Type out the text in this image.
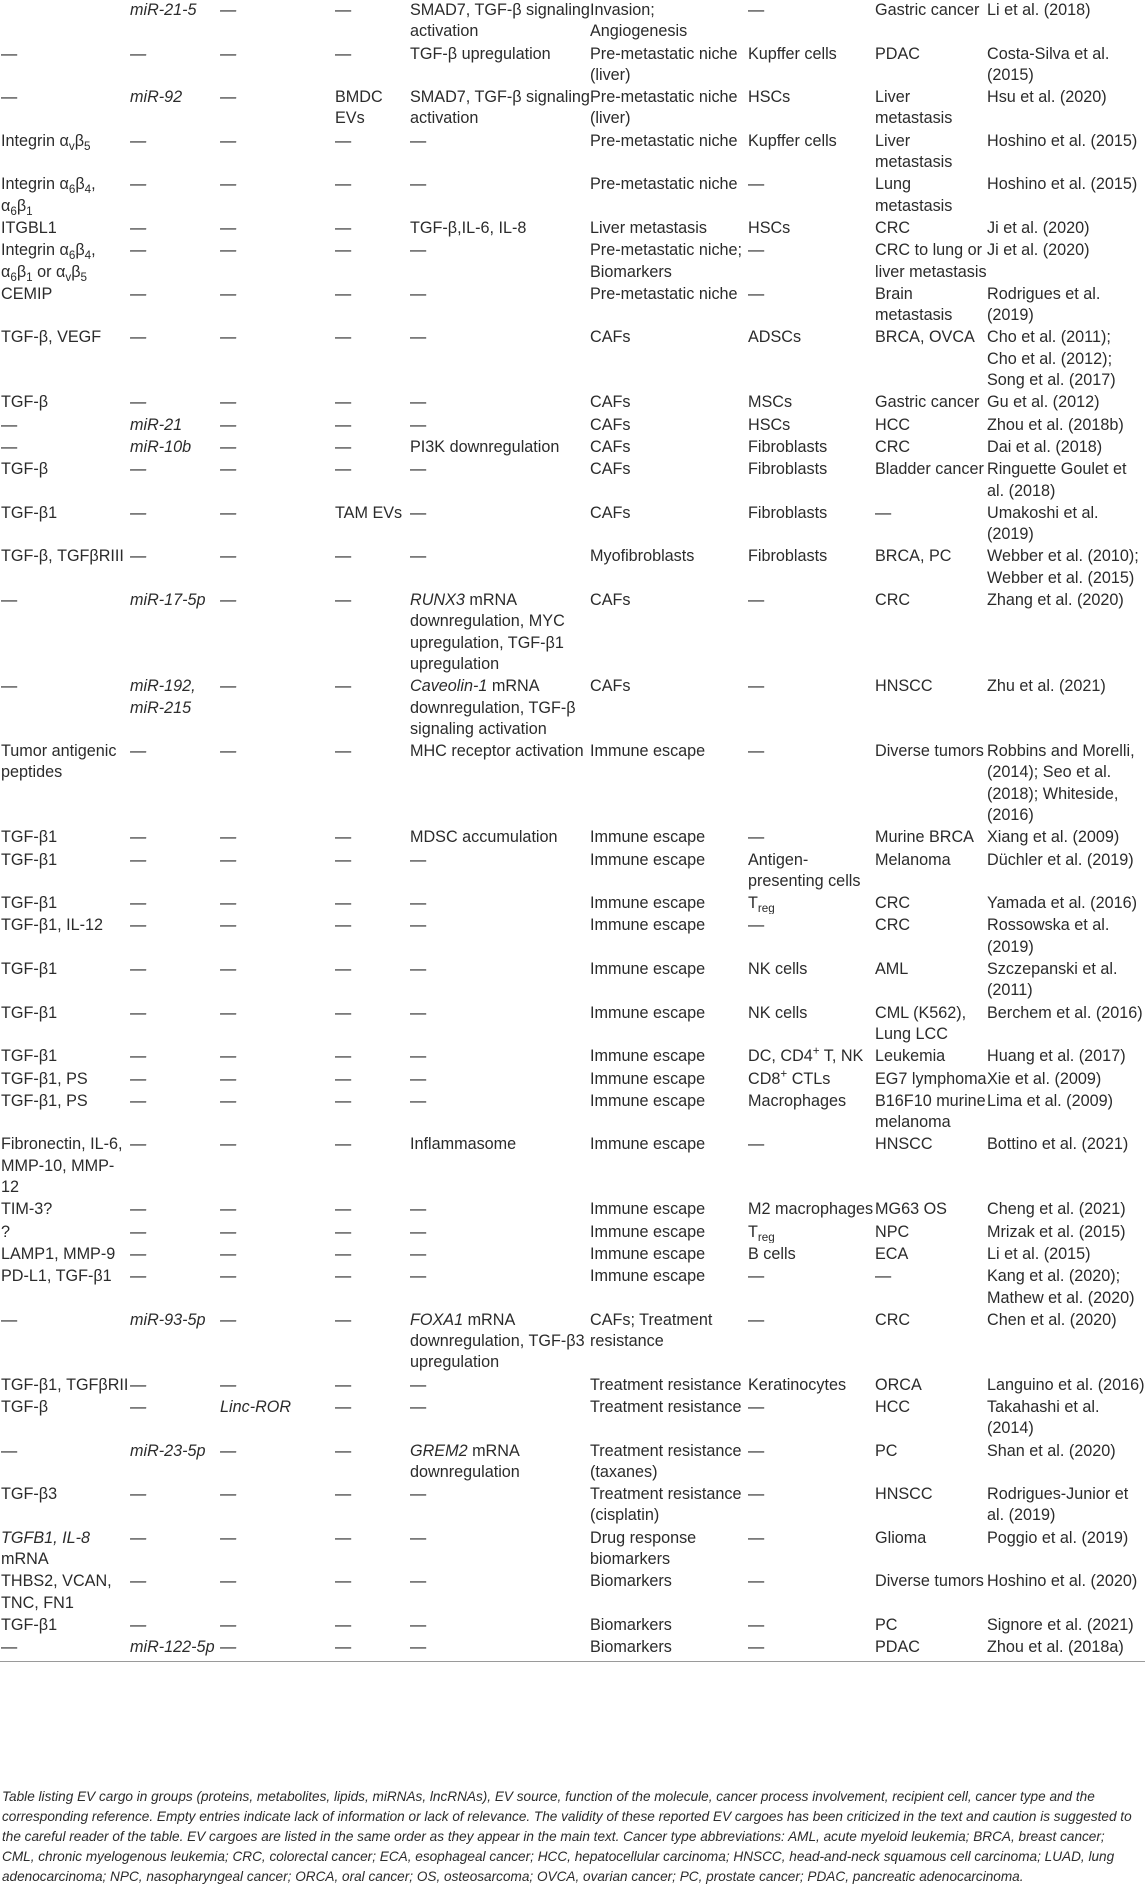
	miR-21-5	—	—	SMAD7, TGF-β signaling activation	Invasion; Angiogenesis	—	Gastric cancer	Li et al. (2018)
—	—	—	—	TGF-β upregulation	Pre-metastatic niche (liver)	Kupffer cells	PDAC	Costa-Silva et al. (2015)
—	miR-92	—	BMDC EVs	SMAD7, TGF-β signaling activation	Pre-metastatic niche (liver)	HSCs	Liver metastasis	Hsu et al. (2020)
Integrin $\alpha_v\beta_5$	—	—	—	—	Pre-metastatic niche	Kupffer cells	Liver metastasis	Hoshino et al. (2015)
Integrin $\alpha_6\beta_4$, $\alpha_6\beta_1$	—	—	—	—	Pre-metastatic niche	—	Lung metastasis	Hoshino et al. (2015)
ITGBL1	—	—	—	TGF-β,IL-6, IL-8	Liver metastasis	HSCs	CRC	Ji et al. (2020)
Integrin $\alpha_6\beta_4$, $\alpha_6\beta_1$ or $\alpha_v\beta_5$	—	—	—	—	Pre-metastatic niche; Biomarkers	—	CRC to lung or liver metastasis	Ji et al. (2020)
CEMIP	—	—	—	—	Pre-metastatic niche	—	Brain metastasis	Rodrigues et al. (2019)
TGF-β, VEGF	—	—	—	—	CAFs	ADSCs	BRCA, OVCA	Cho et al. (2011); Cho et al. (2012); Song et al. (2017)
TGF-β	—	—	—	—	CAFs	MSCs	Gastric cancer	Gu et al. (2012)
—	miR-21	—	—	—	CAFs	HSCs	HCC	Zhou et al. (2018b)
—	miR-10b	—	—	PI3K downregulation	CAFs	Fibroblasts	CRC	Dai et al. (2018)
TGF-β	—	—	—	—	CAFs	Fibroblasts	Bladder cancer	Ringuette Goulet et al. (2018)
TGF-β1	—	—	TAM EVs	—	CAFs	Fibroblasts	—	Umakoshi et al. (2019)
TGF-β, TGFβRIII	—	—	—	—	Myofibroblasts	Fibroblasts	BRCA, PC	Webber et al. (2010); Webber et al. (2015)
—	miR-17-5p	—	—	RUNX3 mRNA downregulation, MYC upregulation, TGF-β1 upregulation	CAFs	—	CRC	Zhang et al. (2020)
—	miR-192, miR-215	—	—	Caveolin-1 mRNA downregulation, TGF-β signaling activation	CAFs	—	HNSCC	Zhu et al. (2021)
Tumor antigenic peptides	—	—	—	MHC receptor activation	Immune escape	—	Diverse tumors	Robbins and Morelli, (2014); Seo et al. (2018); Whiteside, (2016)
TGF-β1	—	—	—	MDSC accumulation	Immune escape	—	Murine BRCA	Xiang et al. (2009)
TGF-β1	—	—	—	—	Immune escape	Antigen-presenting cells	Melanoma	Düchler et al. (2019)
TGF-β1	—	—	—	—	Immune escape	$T_{reg}$	CRC	Yamada et al. (2016)
TGF-β1, IL-12	—	—	—	—	Immune escape	—	CRC	Rossowska et al. (2019)
TGF-β1	—	—	—	—	Immune escape	NK cells	AML	Szczepanski et al. (2011)
TGF-β1	—	—	—	—	Immune escape	NK cells	CML (K562), Lung LCC	Berchem et al. (2016)
TGF-β1	—	—	—	—	Immune escape	DC, CD4+ T, NK	Leukemia	Huang et al. (2017)
TGF-β1, PS	—	—	—	—	Immune escape	CD8+ CTLs	EG7 lymphoma	Xie et al. (2009)
TGF-β1, PS	—	—	—	—	Immune escape	Macrophages	B16F10 murine melanoma	Lima et al. (2009)
Fibronectin, IL-6, MMP-10, MMP-12	—	—	—	Inflammasome	Immune escape	—	HNSCC	Bottino et al. (2021)
TIM-3?	—	—	—	—	Immune escape	M2 macrophages	MG63 OS	Cheng et al. (2021)
?	—	—	—	—	Immune escape	$T_{reg}$	NPC	Mrizak et al. (2015)
LAMP1, MMP-9	—	—	—	—	Immune escape	B cells	ECA	Li et al. (2015)
PD-L1, TGF-β1	—	—	—	—	Immune escape	—	—	Kang et al. (2020); Mathew et al. (2020)
—	miR-93-5p	—	—	FOXA1 mRNA downregulation, TGF-β3 upregulation	CAFs; Treatment resistance	—	CRC	Chen et al. (2020)
TGF-β1, TGFβRII	—	—	—	—	Treatment resistance	Keratinocytes	ORCA	Languino et al. (2016)
TGF-β	—	Linc-ROR	—	—	Treatment resistance	—	HCC	Takahashi et al. (2014)
—	miR-23-5p	—	—	GREM2 mRNA downregulation	Treatment resistance (taxanes)	—	PC	Shan et al. (2020)
TGF-β3	—	—	—	—	Treatment resistance (cisplatin)	—	HNSCC	Rodrigues-Junior et al. (2019)
TGFB1, IL-8 mRNA	—	—	—	—	Drug response biomarkers	—	Glioma	Poggio et al. (2019)
THBS2, VCAN, TNC, FN1	—	—	—	—	Biomarkers	—	Diverse tumors	Hoshino et al. (2020)
TGF-β1	—	—	—	—	Biomarkers	—	PC	Signore et al. (2021)
—	miR-122-5p	—	—	—	Biomarkers	—	PDAC	Zhou et al. (2018a)
Table listing EV cargo in groups (proteins, metabolites, lipids, miRNAs, lncRNAs), EV source, function of the molecule, cancer process involvement, recipient cell, cancer type and the corresponding reference. Empty entries indicate lack of information or lack of relevance. The validity of these reported EV cargoes has been criticized in the text and caution is suggested to the careful reader of the table. EV cargoes are listed in the same order as they appear in the main text. Cancer type abbreviations: AML, acute myeloid leukemia; BRCA, breast cancer; CML, chronic myelogenous leukemia; CRC, colorectal cancer; ECA, esophageal cancer; HCC, hepatocellular carcinoma; HNSCC, head-and-neck squamous cell carcinoma; LUAD, lung adenocarcinoma; NPC, nasopharyngeal cancer; ORCA, oral cancer; OS, osteosarcoma; OVCA, ovarian cancer; PC, prostate cancer; PDAC, pancreatic adenocarcinoma.
